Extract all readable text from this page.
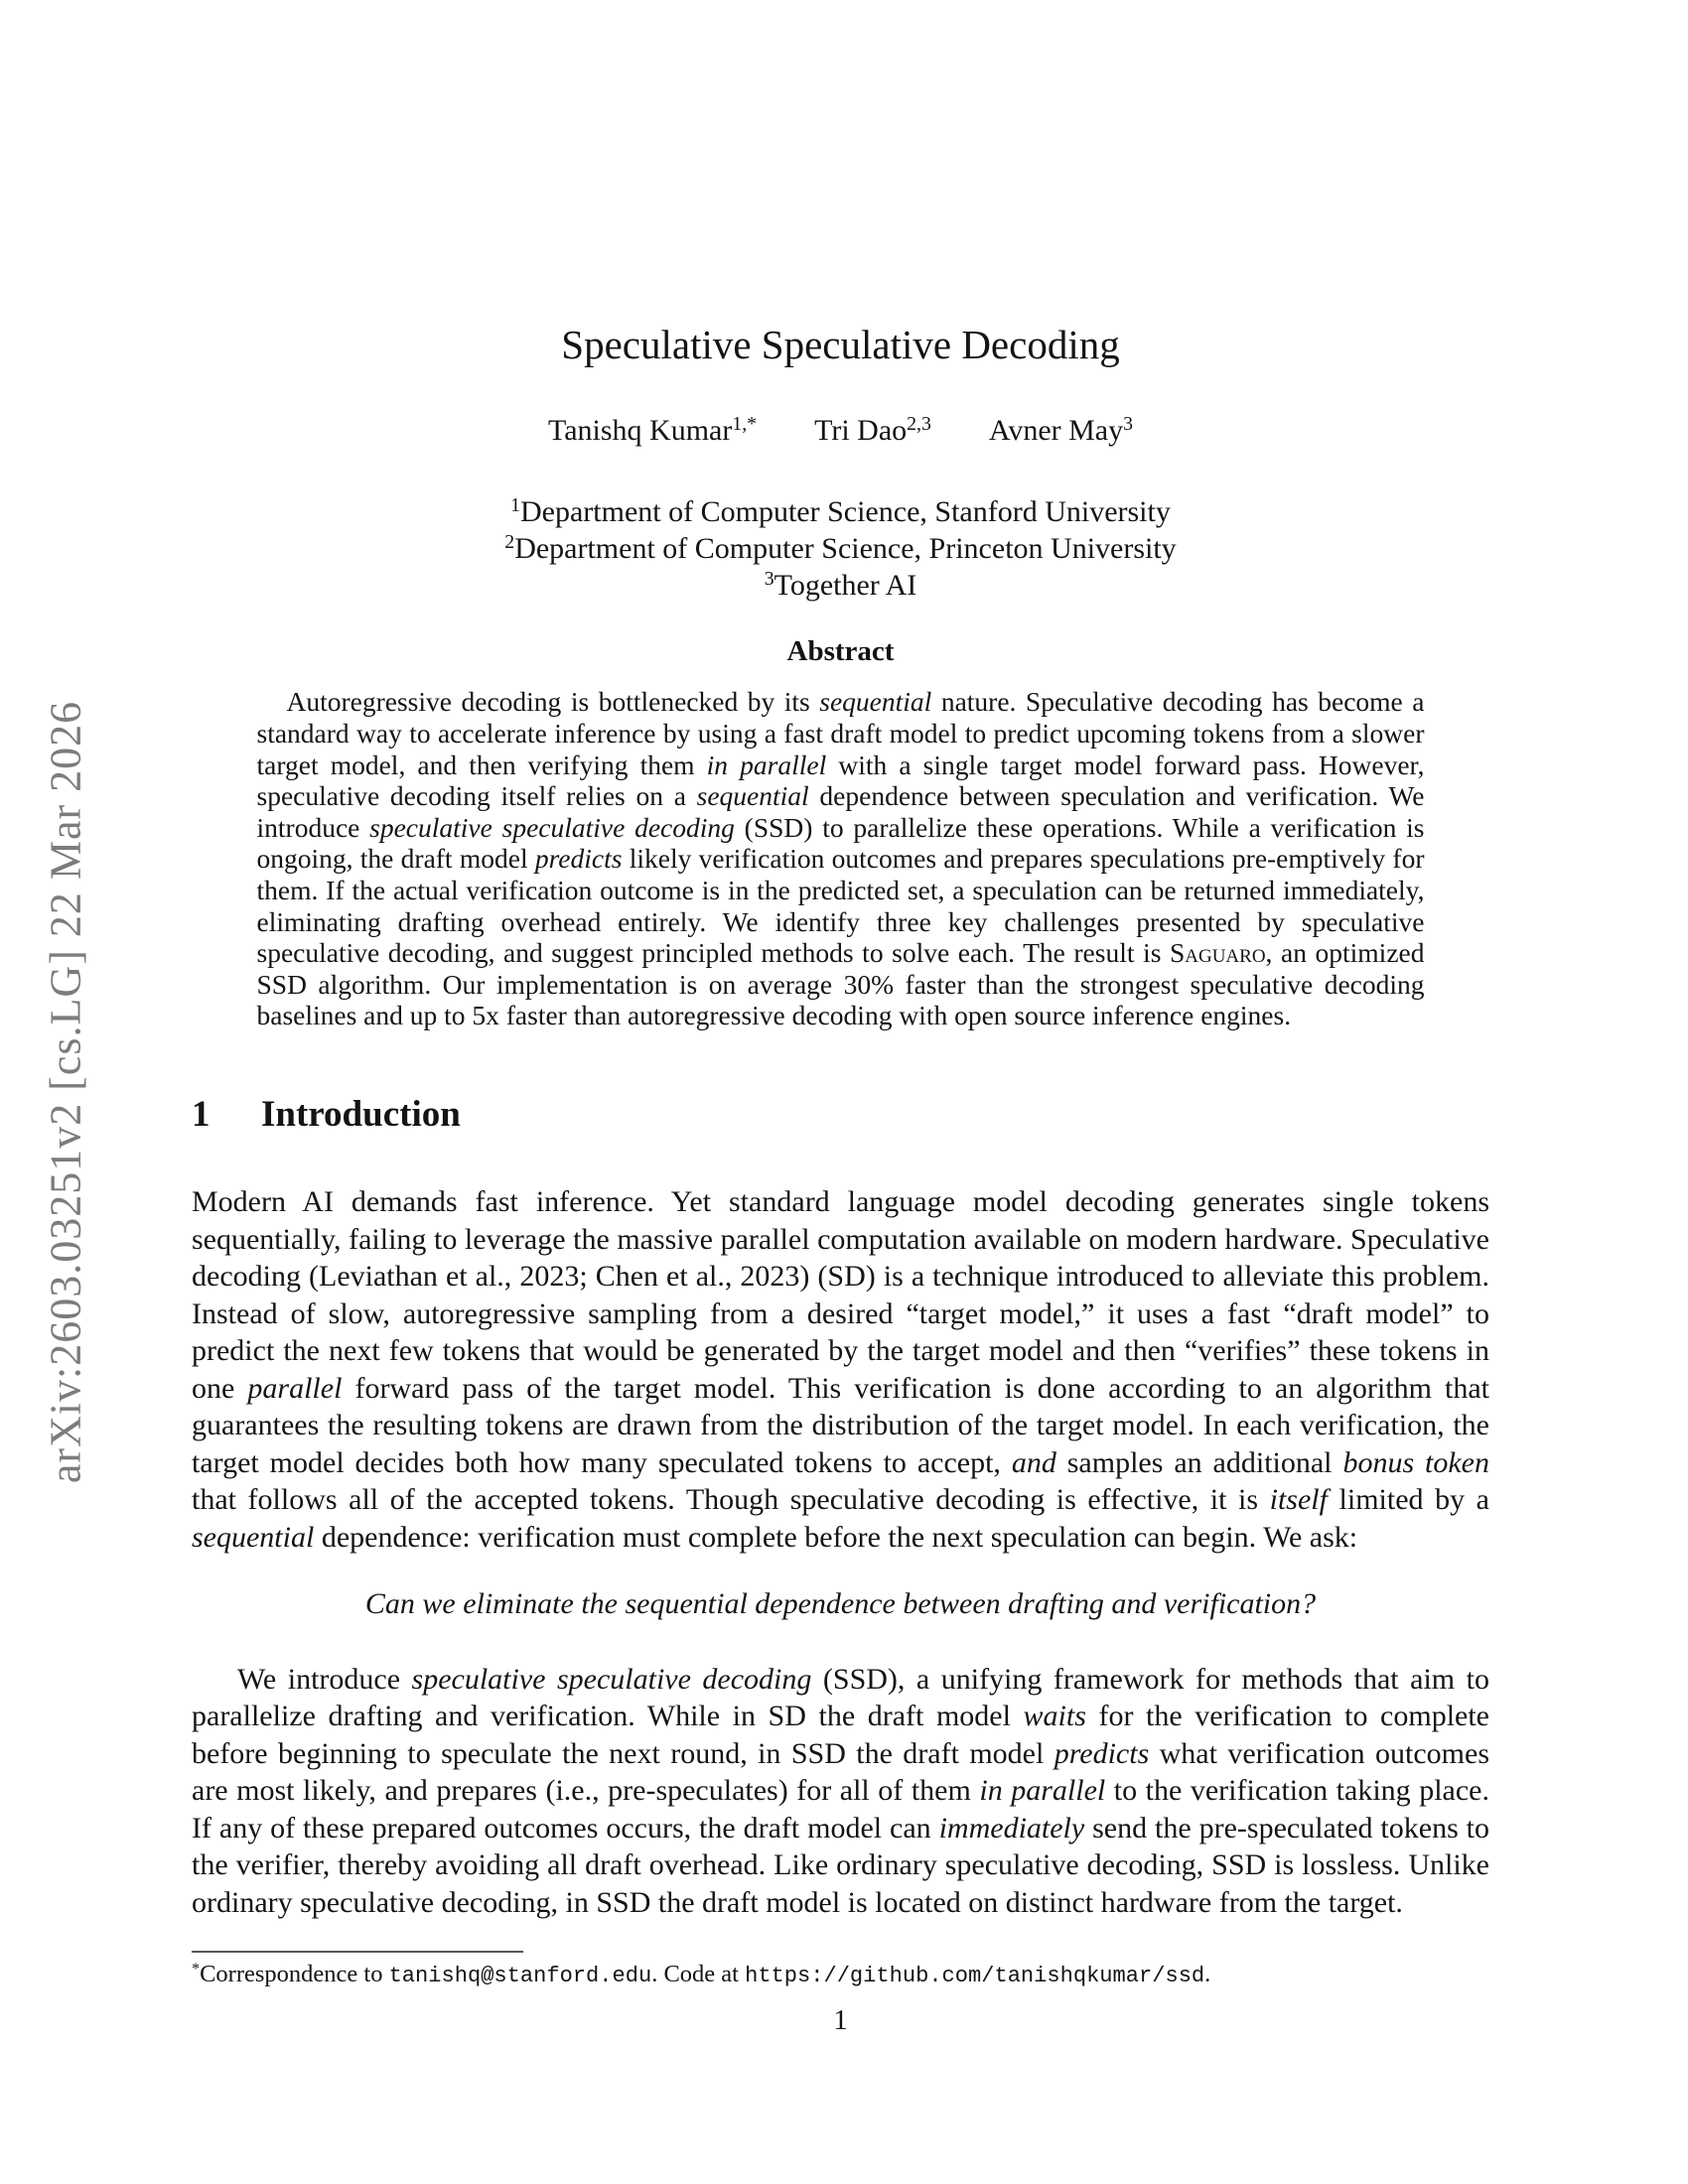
arXiv:2603.03251v2 [cs.LG] 22 Mar 2026
Speculative Speculative Decoding
Tanishq Kumar$^{1,*}$ Tri Dao$^{2,3}$ Avner May$^3$
$^1$Department of Computer Science, Stanford University
$^2$Department of Computer Science, Princeton University
$^3$Together AI
Abstract

Autoregressive decoding is bottlenecked by its sequential nature. Speculative decoding has become a standard way to accelerate inference by using a fast draft model to predict upcoming tokens from a slower target model, and then verifying them in parallel with a single target model forward pass. However, speculative decoding itself relies on a sequential dependence between speculation and verification. We introduce speculative speculative decoding (SSD) to parallelize these operations. While a verification is ongoing, the draft model predicts likely verification outcomes and prepares speculations pre-emptively for them. If the actual verification outcome is in the predicted set, a speculation can be returned immediately, eliminating drafting overhead entirely. We identify three key challenges presented by speculative speculative decoding, and suggest principled methods to solve each. The result is Saguaro, an optimized SSD algorithm. Our implementation is on average 30% faster than the strongest speculative decoding baselines and up to 5x faster than autoregressive decoding with open source inference engines.

1 Introduction

Modern AI demands fast inference. Yet standard language model decoding generates single tokens sequentially, failing to leverage the massive parallel computation available on modern hardware. Speculative decoding (Leviathan et al., 2023; Chen et al., 2023) (SD) is a technique introduced to alleviate this problem. Instead of slow, autoregressive sampling from a desired “target model,” it uses a fast “draft model” to predict the next few tokens that would be generated by the target model and then “verifies” these tokens in one parallel forward pass of the target model. This verification is done according to an algorithm that guarantees the resulting tokens are drawn from the distribution of the target model. In each verification, the target model decides both how many speculated tokens to accept, and samples an additional bonus token that follows all of the accepted tokens. Though speculative decoding is effective, it is itself limited by a sequential dependence: verification must complete before the next speculation can begin. We ask:

Can we eliminate the sequential dependence between drafting and verification?

We introduce speculative speculative decoding (SSD), a unifying framework for methods that aim to parallelize drafting and verification. While in SD the draft model waits for the verification to complete before beginning to speculate the next round, in SSD the draft model predicts what verification outcomes are most likely, and prepares (i.e., pre-speculates) for all of them in parallel to the verification taking place. If any of these prepared outcomes occurs, the draft model can immediately send the pre-speculated tokens to the verifier, thereby avoiding all draft overhead. Like ordinary speculative decoding, SSD is lossless. Unlike ordinary speculative decoding, in SSD the draft model is located on distinct hardware from the target.

*Correspondence to tanishq@stanford.edu. Code at https://github.com/tanishqkumar/ssd.
1
